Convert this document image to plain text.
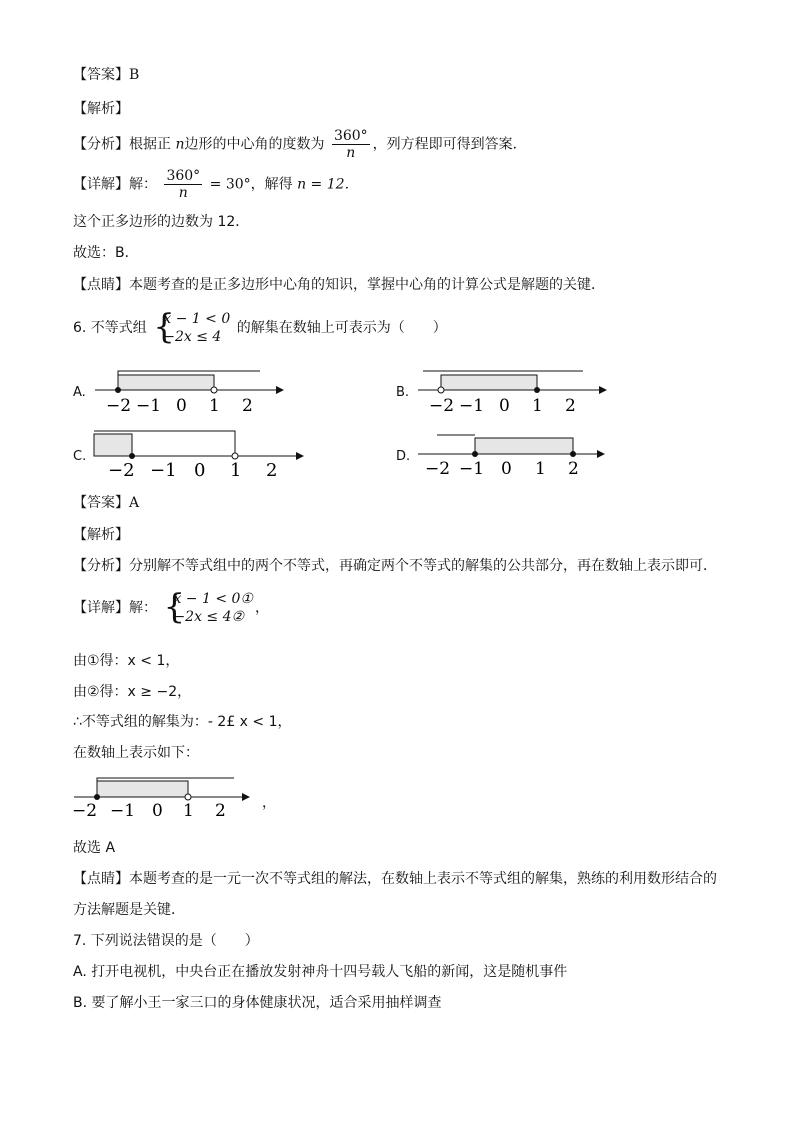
【答案】B
【解析】
【分析】根据正 n边形的中心角的度数为 $\frac{360^\circ}{n}$ ，列方程即可得到答案．
【详解】解： $\frac{360^\circ}{n} = 30^\circ$，解得 n = 12．
这个正多边形的边数为 12．
故选：B．
【点睛】本题考查的是正多边形中心角的知识，掌握中心角的计算公式是解题的关键．
6. 不等式组 {
x − 1 < 0
−2x ≤ 4
的解集在数轴上可表示为（　　）
A.
−2 −1 0 1 2
B.
−2 −1 0 1 2
C.
−2 −1 0 1 2
D.
−2 −1 0 1 2
【答案】A
【解析】
【分析】分别解不等式组中的两个不等式，再确定两个不等式的解集的公共部分，再在数轴上表示即可．
【详解】解： {
x − 1 < 0①
−2x ≤ 4②
，
由①得：x < 1，
由②得：x ≥ −2，
∴不等式组的解集为：- 2£ x < 1，
在数轴上表示如下：
−2 −1 0 1 2	，
故选 A
【点睛】本题考查的是一元一次不等式组的解法，在数轴上表示不等式组的解集，熟练的利用数形结合的
方法解题是关键．
7. 下列说法错误的是（　　）
A. 打开电视机，中央台正在播放发射神舟十四号载人飞船的新闻，这是随机事件
B. 要了解小王一家三口的身体健康状况，适合采用抽样调查
